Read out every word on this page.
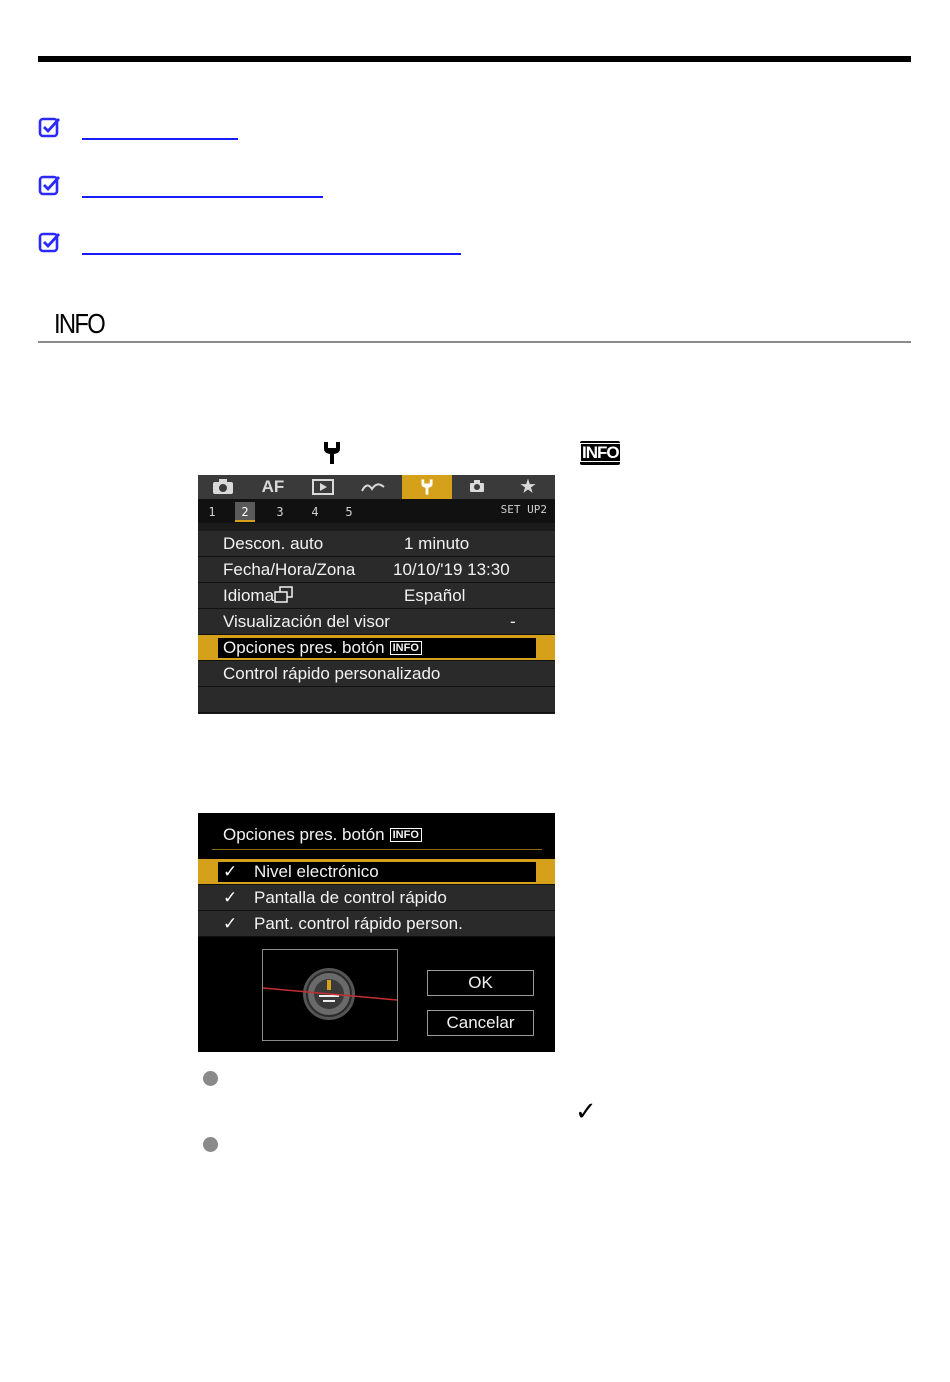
INFO
INFO
AF	★
1	2	3	4	5	SET UP2
Descon. auto	1 minuto
Fecha/Hora/Zona 10/10/'19 13:30
Idioma	Español
Visualización del visor	-
Opciones pres. botón INFO
Control rápido personalizado
Opciones pres. botón INFO
✓ Nivel electrónico
✓ Pantalla de control rápido
✓ Pant. control rápido person.
OK
Cancelar
✓
